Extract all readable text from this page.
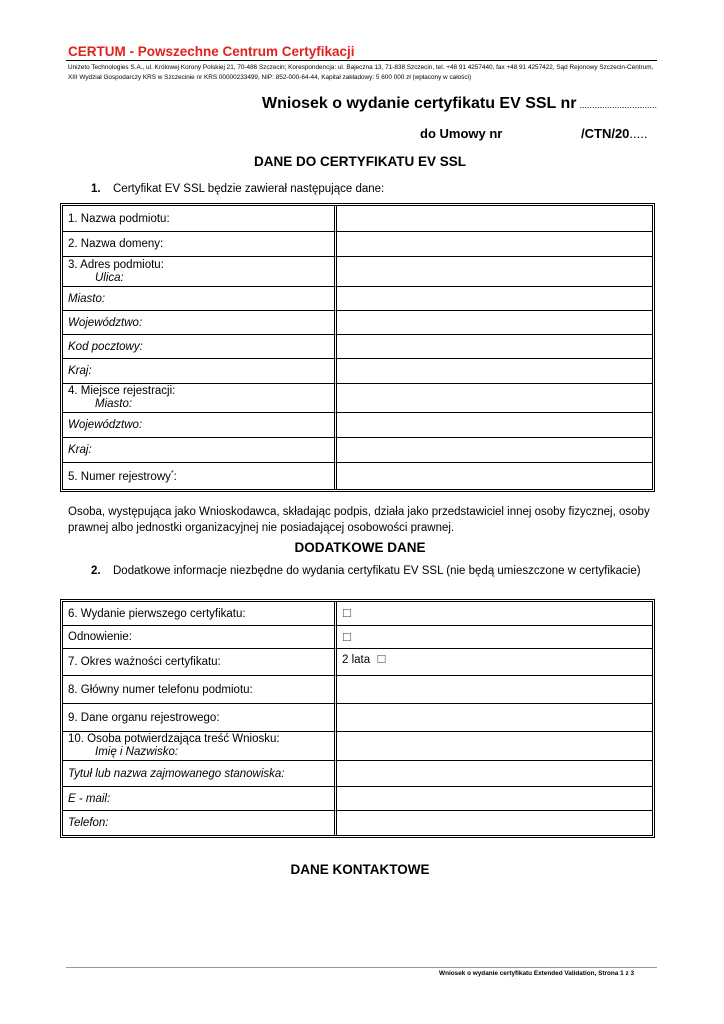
CERTUM - Powszechne Centrum Certyfikacji
Unizeto Technologies S.A., ul. Królowej Korony Polskiej 21, 70-486 Szczecin; Korespondencja: ul. Bajeczna 13, 71-838 Szczecin, tel. +48 91 4257440, fax +48 91 4257422, Sąd Rejonowy Szczecin-Centrum, XIII Wydział Gospodarczy KRS w Szczecinie nr KRS 00000233499, NIP: 852-000-64-44, Kapitał zakładowy: 5 600 000 zł (wpłacony w całości)
Wniosek o wydanie certyfikatu EV SSL nr ...............................
do Umowy nr	/CTN/20.....
DANE DO CERTYFIKATU EV SSL
1. Certyfikat EV SSL będzie zawierał następujące dane:
1. Nazwa podmiotu:	
2. Nazwa domeny:	
3. Adres podmiotu:
Ulica:	

Miasto:	
Województwo:	
Kod pocztowy:	
Kraj:	
4. Miejsce rejestracji:
Miasto:	

Województwo:	
Kraj:	
5. Numer rejestrowy*:	
Osoba, występująca jako Wnioskodawca, składając podpis, działa jako przedstawiciel innej osoby fizycznej, osoby prawnej albo jednostki organizacyjnej nie posiadającej osobowości prawnej.
DODATKOWE DANE
2. Dodatkowe informacje niezbędne do wydania certyfikatu EV SSL (nie będą umieszczone w certyfikacie)
6. Wydanie pierwszego certyfikatu:	☐
Odnowienie:	☐
7. Okres ważności certyfikatu:	2 lata ☐
8. Główny numer telefonu podmiotu:	
9. Dane organu rejestrowego:	
10. Osoba potwierdzająca treść Wniosku:
Imię i Nazwisko:	

Tytuł lub nazwa zajmowanego stanowiska:	
E - mail:	
Telefon:	
DANE KONTAKTOWE
Wniosek o wydanie certyfikatu Extended Validation, Strona 1 z 3
